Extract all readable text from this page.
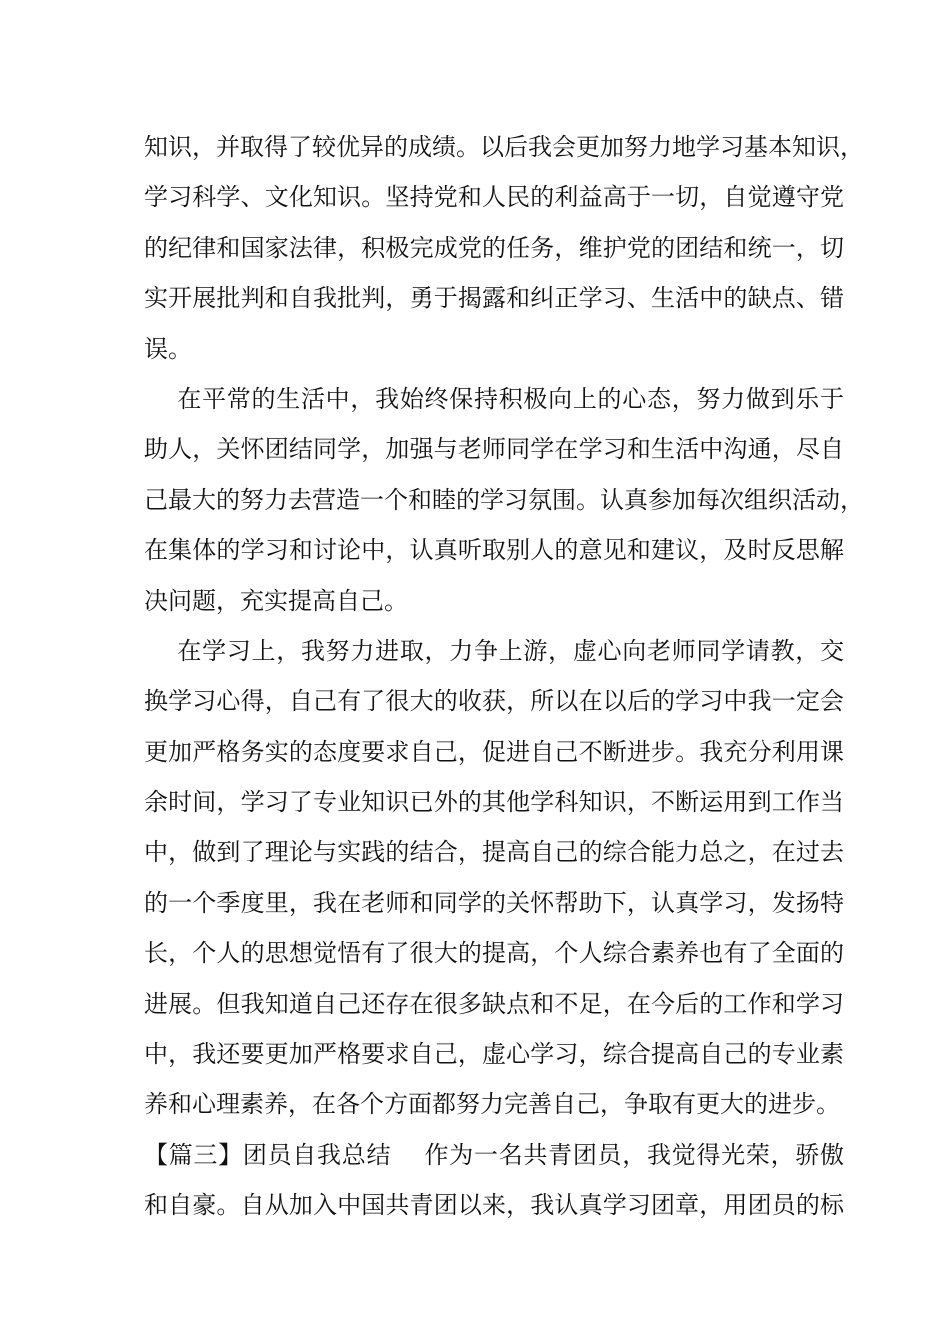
知识，并取得了较优异的成绩。以后我会更加努力地学习基本知识，
学习科学、文化知识。坚持党和人民的利益高于一切，自觉遵守党
的纪律和国家法律，积极完成党的任务，维护党的团结和统一，切
实开展批判和自我批判，勇于揭露和纠正学习、生活中的缺点、错
误。
在平常的生活中，我始终保持积极向上的心态，努力做到乐于
助人，关怀团结同学，加强与老师同学在学习和生活中沟通，尽自
己最大的努力去营造一个和睦的学习氛围。认真参加每次组织活动，
在集体的学习和讨论中，认真听取别人的意见和建议，及时反思解
决问题，充实提高自己。
在学习上，我努力进取，力争上游，虚心向老师同学请教，交
换学习心得，自己有了很大的收获，所以在以后的学习中我一定会
更加严格务实的态度要求自己，促进自己不断进步。我充分利用课
余时间，学习了专业知识已外的其他学科知识，不断运用到工作当
中，做到了理论与实践的结合，提高自己的综合能力总之，在过去
的一个季度里，我在老师和同学的关怀帮助下，认真学习，发扬特
长，个人的思想觉悟有了很大的提高，个人综合素养也有了全面的
进展。但我知道自己还存在很多缺点和不足，在今后的工作和学习
中，我还要更加严格要求自己，虚心学习，综合提高自己的专业素
养和心理素养，在各个方面都努力完善自己，争取有更大的进步。
【篇三】团员自我总结    作为一名共青团员，我觉得光荣，骄傲
和自豪。自从加入中国共青团以来，我认真学习团章，用团员的标
